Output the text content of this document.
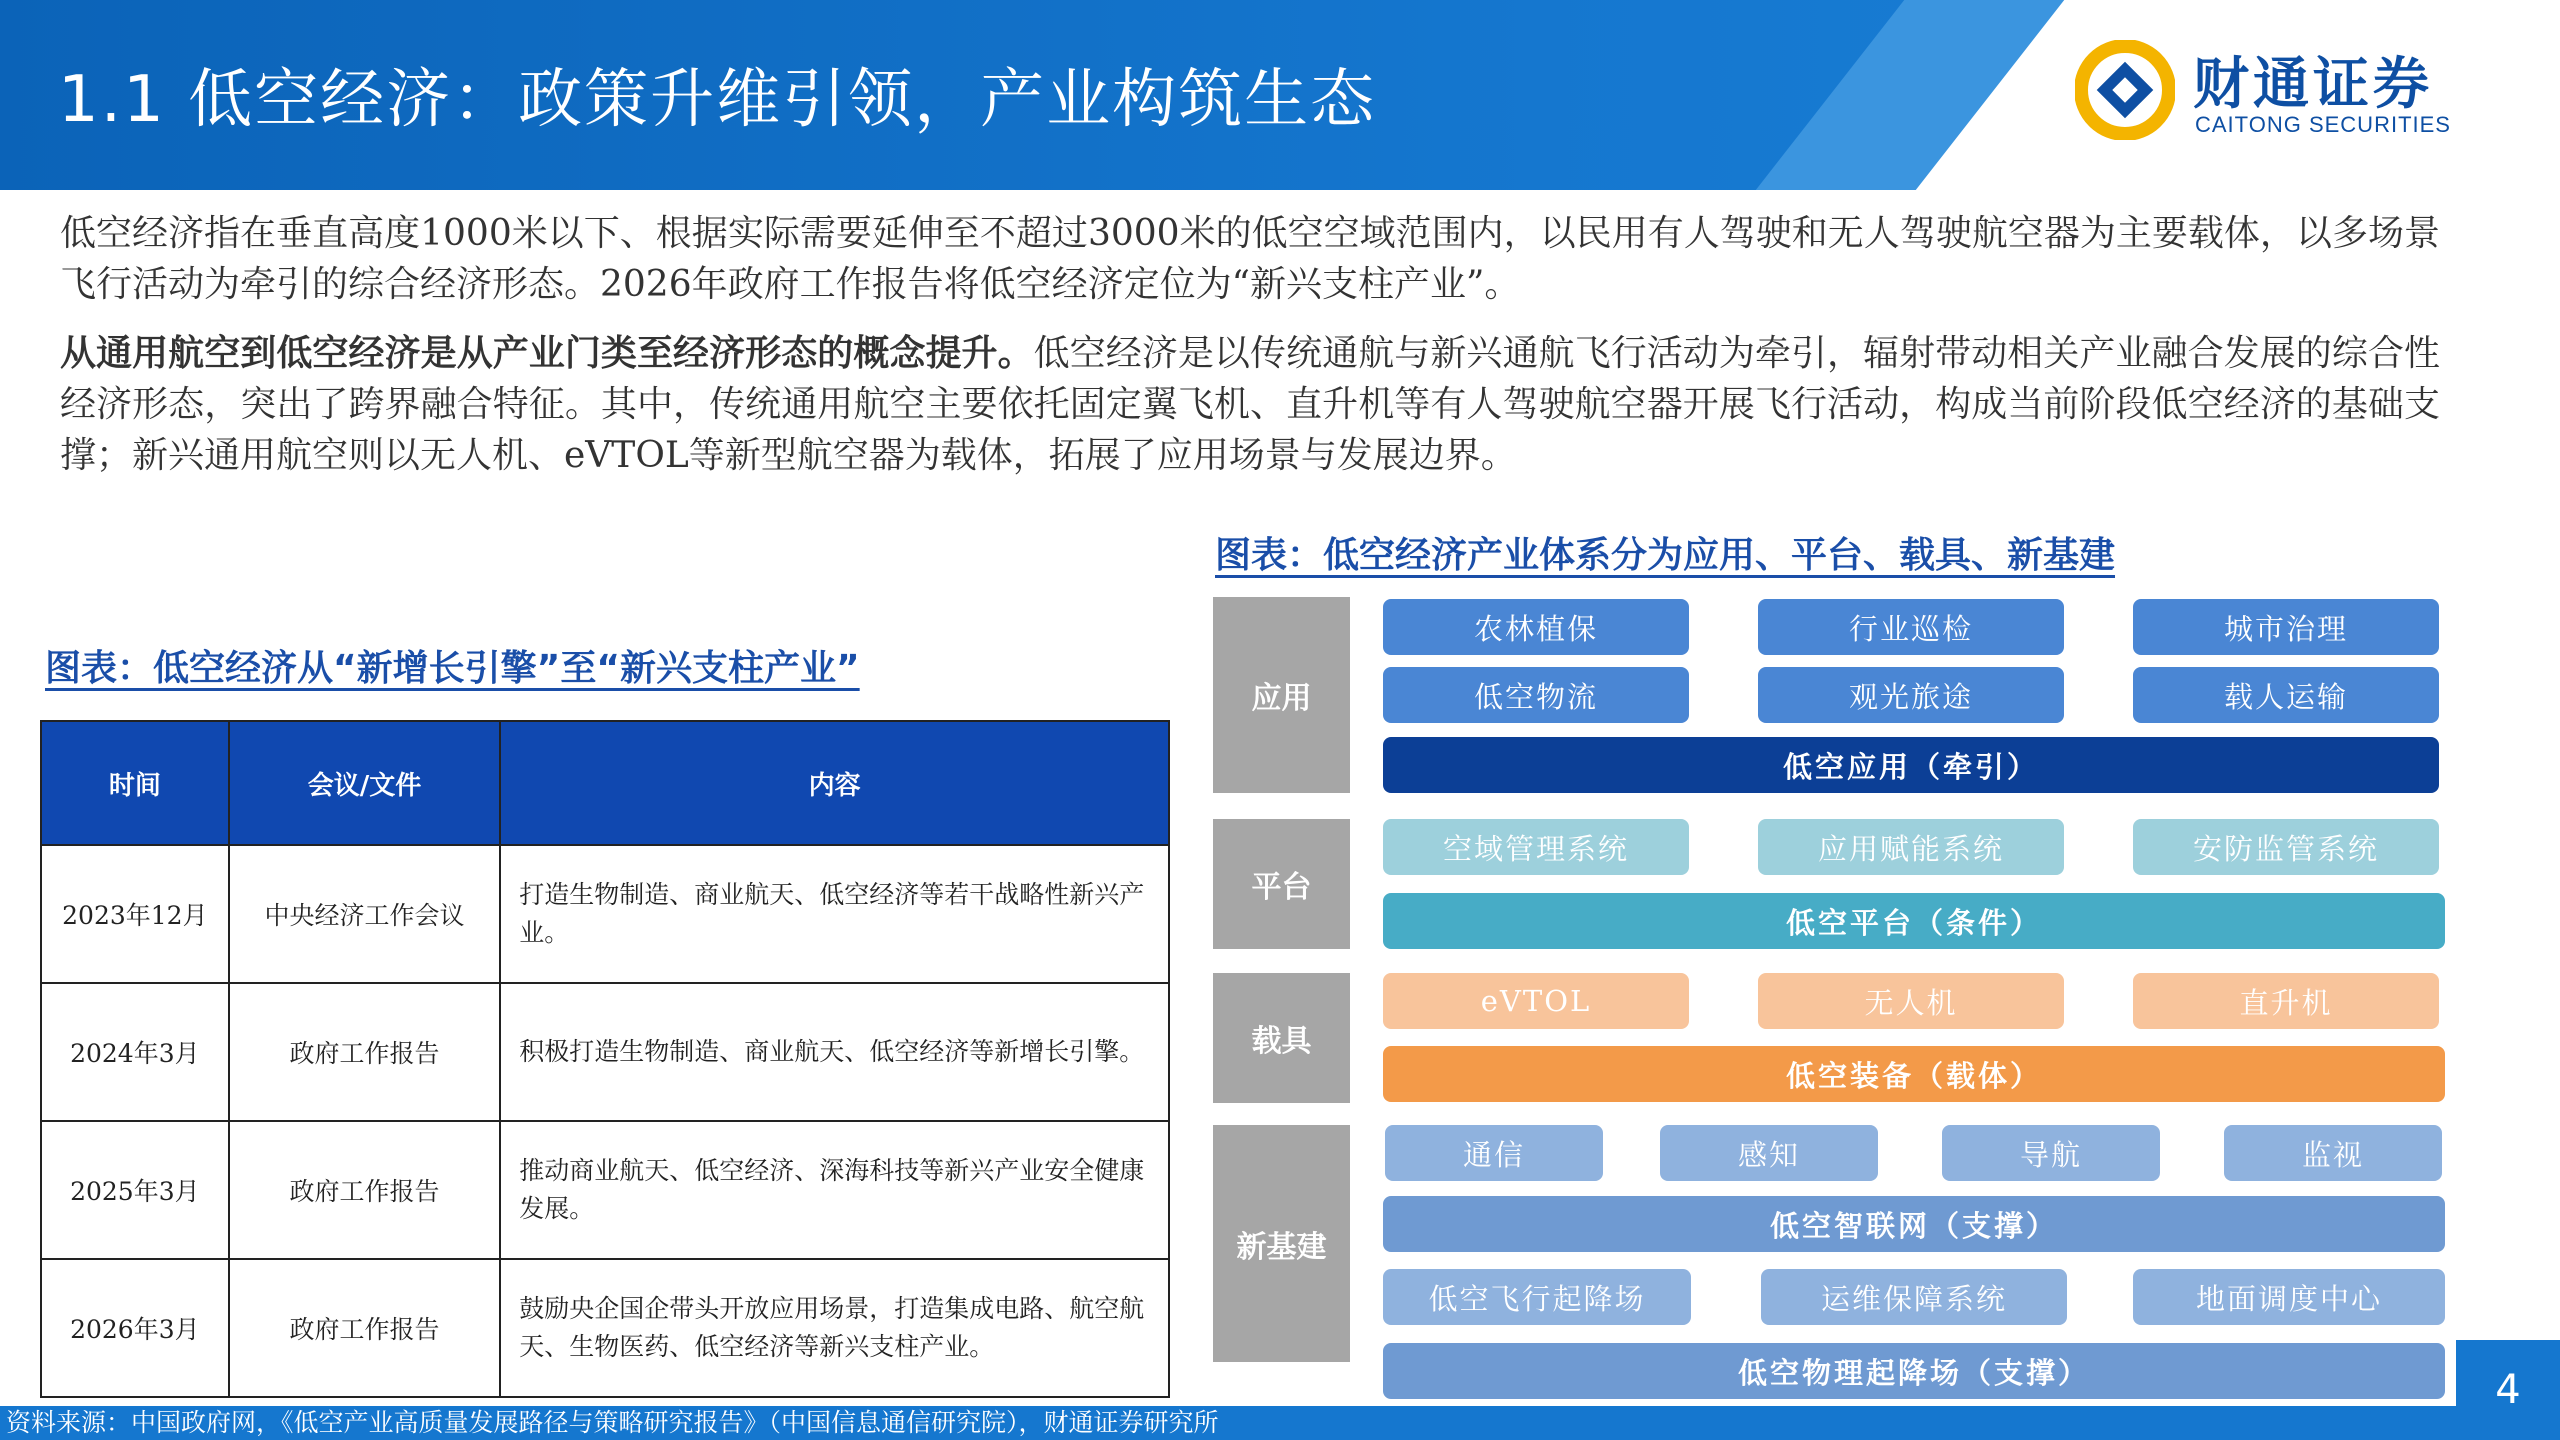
1.1 低空经济：政策升维引领，产业构筑生态	财通证券
CAITONG SECURITIES
低空经济指在垂直高度1000米以下、根据实际需要延伸至不超过3000米的低空空域范围内，以民用有人驾驶和无人驾驶航空器为主要载体，以多场景飞行活动为牵引的综合经济形态。2026年政府工作报告将低空经济定位为“新兴支柱产业”。
从通用航空到低空经济是从产业门类至经济形态的概念提升。低空经济是以传统通航与新兴通航飞行活动为牵引，辐射带动相关产业融合发展的综合性经济形态，突出了跨界融合特征。其中，传统通用航空主要依托固定翼飞机、直升机等有人驾驶航空器开展飞行活动，构成当前阶段低空经济的基础支撑；新兴通用航空则以无人机、eVTOL等新型航空器为载体，拓展了应用场景与发展边界。
图表：低空经济从“新增长引擎”至“新兴支柱产业”
图表：低空经济产业体系分为应用、平台、载具、新基建
时间	会议/文件	内容
2023年12月	中央经济工作会议	打造生物制造、商业航天、低空经济等若干战略性新兴产业。
2024年3月	政府工作报告	积极打造生物制造、商业航天、低空经济等新增长引擎。
2025年3月	政府工作报告	推动商业航天、低空经济、深海科技等新兴产业安全健康发展。
2026年3月	政府工作报告	鼓励央企国企带头开放应用场景，打造集成电路、航空航天、生物医药、低空经济等新兴支柱产业。
应用
平台
载具
新基建
农林植保	行业巡检	城市治理
低空物流	观光旅途	载人运输
低空应用（牵引）
空域管理系统	应用赋能系统	安防监管系统
低空平台（条件）
eVTOL	无人机	直升机
低空装备（载体）
通信	感知	导航	监视
低空智联网（支撑）
低空飞行起降场	运维保障系统	地面调度中心
低空物理起降场（支撑）
资料来源：中国政府网，《低空产业高质量发展路径与策略研究报告》（中国信息通信研究院），财通证券研究所
4
